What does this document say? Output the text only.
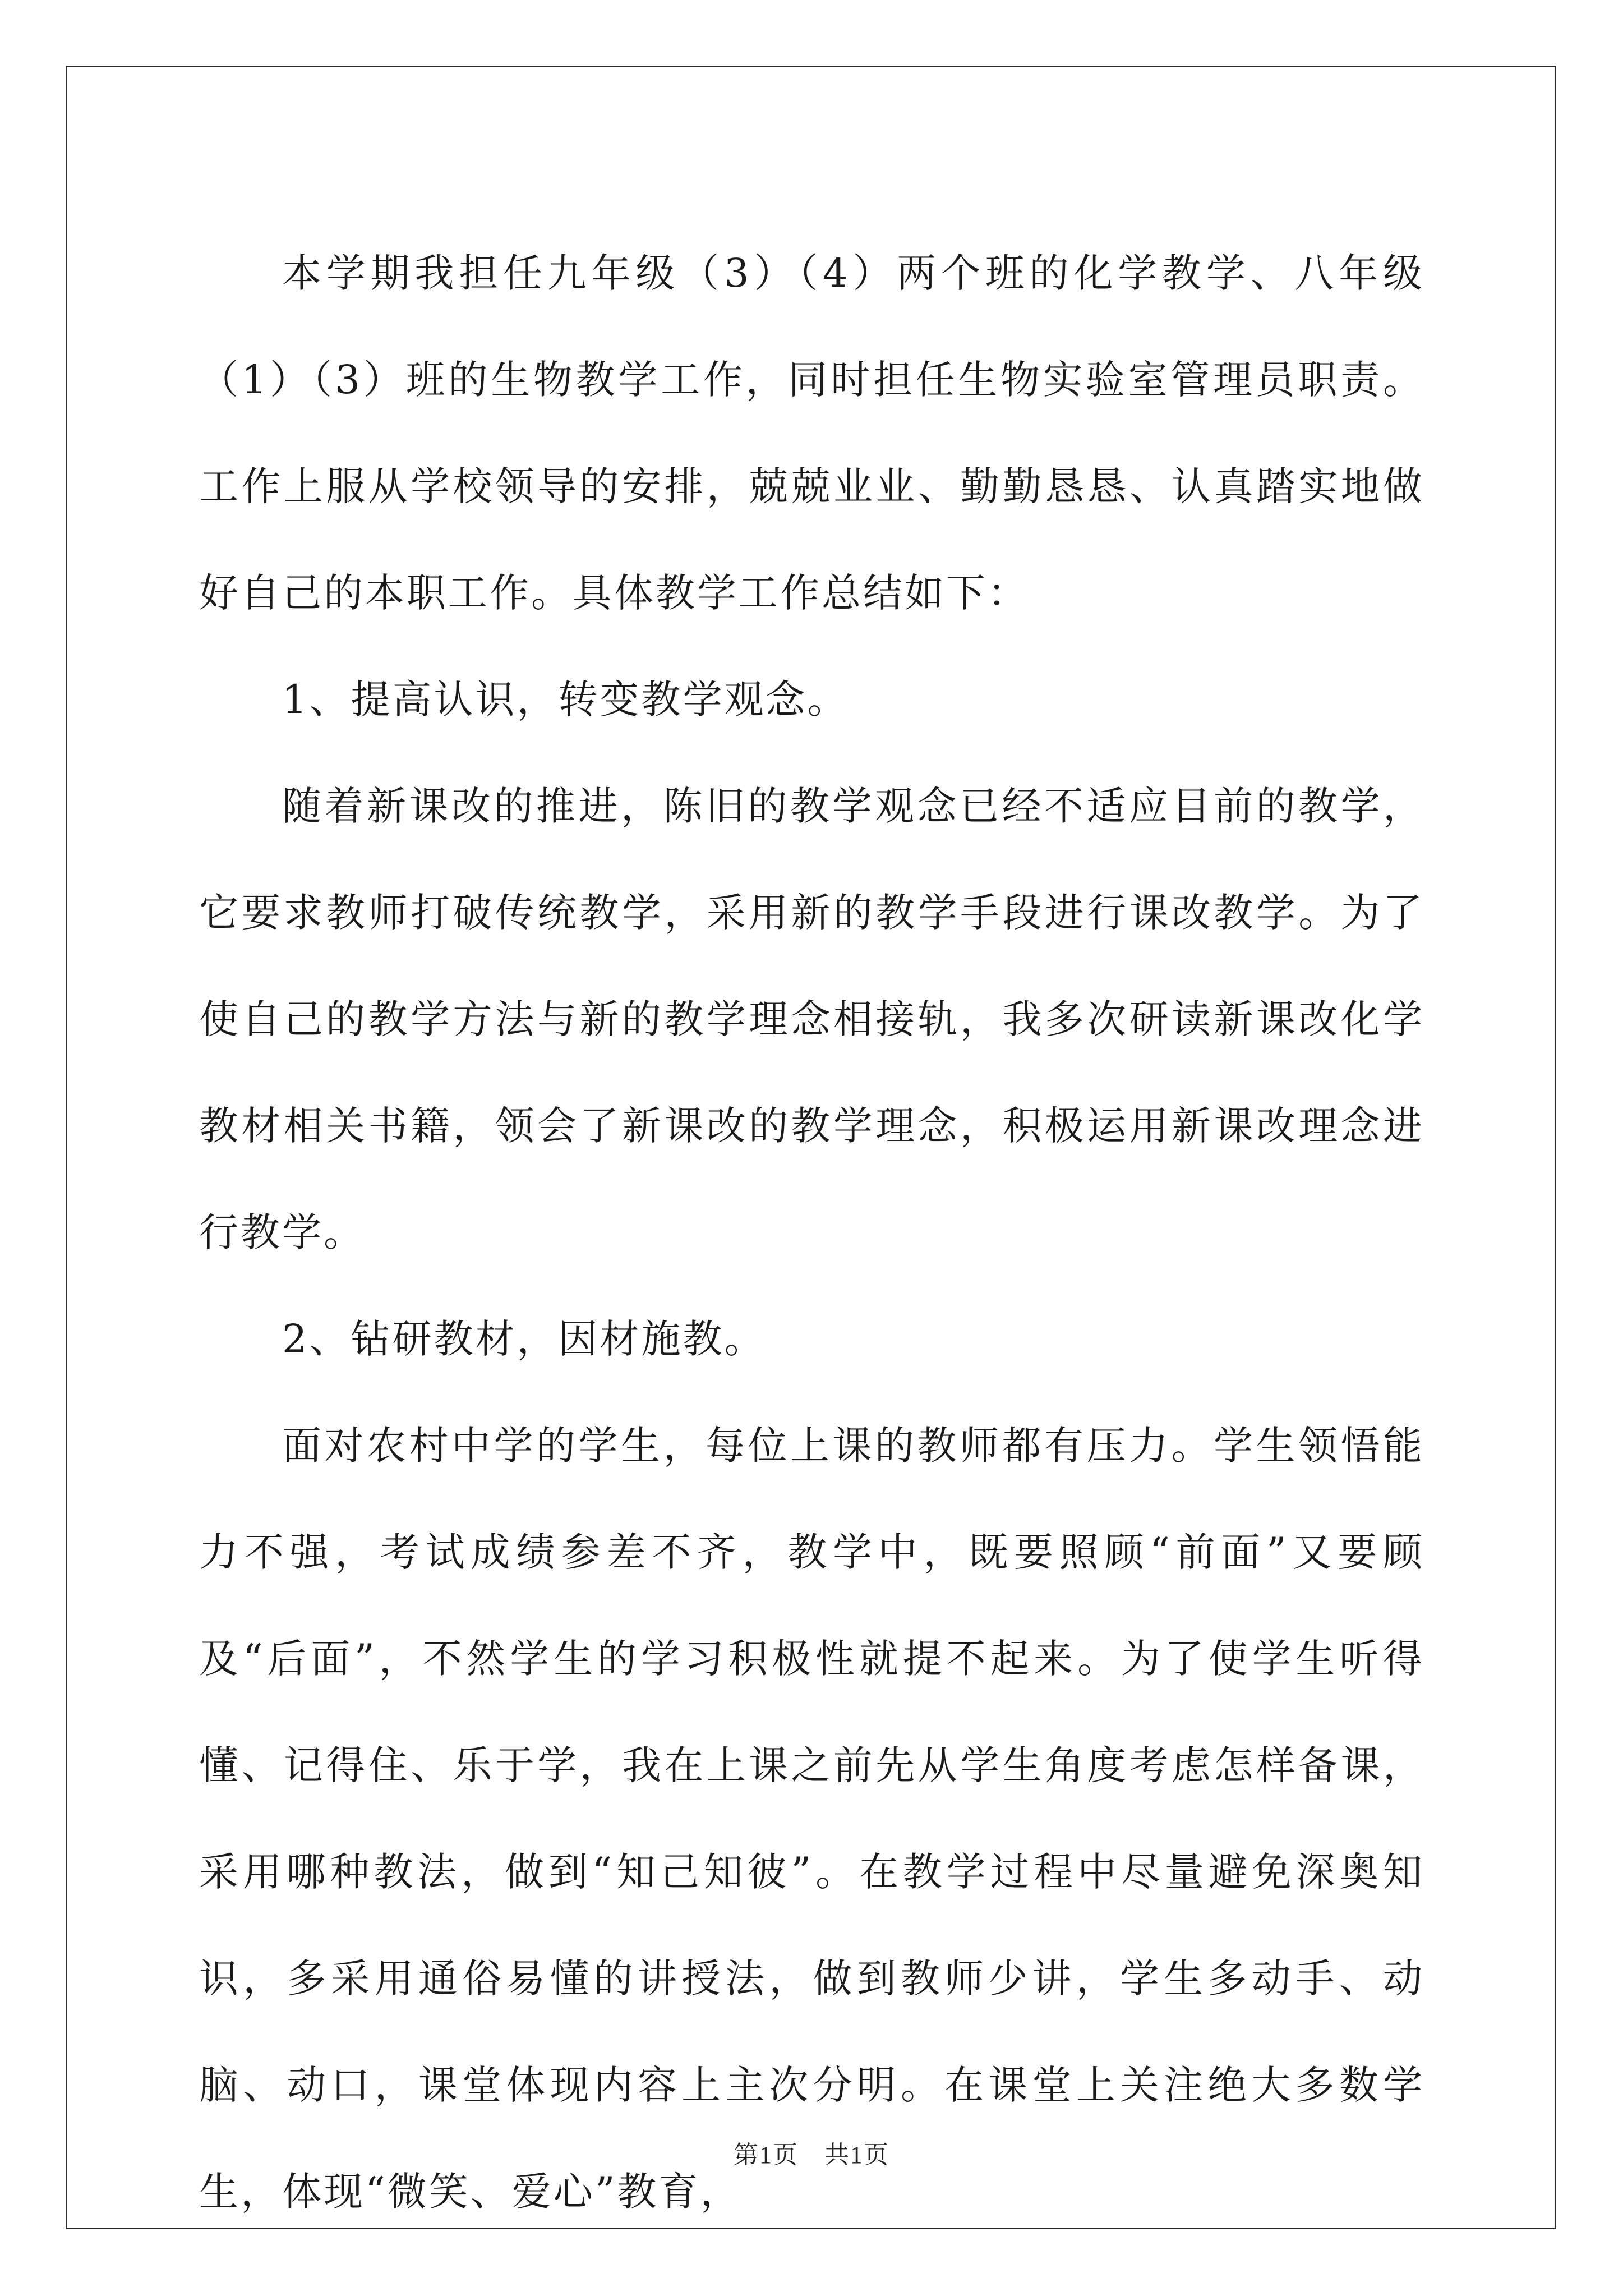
本学期我担任九年级（3）（4）两个班的化学教学、八年级（1）（3）班的生物教学工作，同时担任生物实验室管理员职责。工作上服从学校领导的安排，兢兢业业、勤勤恳恳、认真踏实地做好自己的本职工作。具体教学工作总结如下：

1、提高认识，转变教学观念。

随着新课改的推进，陈旧的教学观念已经不适应目前的教学，它要求教师打破传统教学，采用新的教学手段进行课改教学。为了使自己的教学方法与新的教学理念相接轨，我多次研读新课改化学教材相关书籍，领会了新课改的教学理念，积极运用新课改理念进行教学。

2、钻研教材，因材施教。

面对农村中学的学生，每位上课的教师都有压力。学生领悟能力不强，考试成绩参差不齐，教学中，既要照顾“前面”又要顾及“后面”，不然学生的学习积极性就提不起来。为了使学生听得懂、记得住、乐于学，我在上课之前先从学生角度考虑怎样备课，采用哪种教法，做到“知己知彼”。在教学过程中尽量避免深奥知识，多采用通俗易懂的讲授法，做到教师少讲，学生多动手、动脑、动口，课堂体现内容上主次分明。在课堂上关注绝大多数学生，体现“微笑、爱心”教育，

第1页　共1页
